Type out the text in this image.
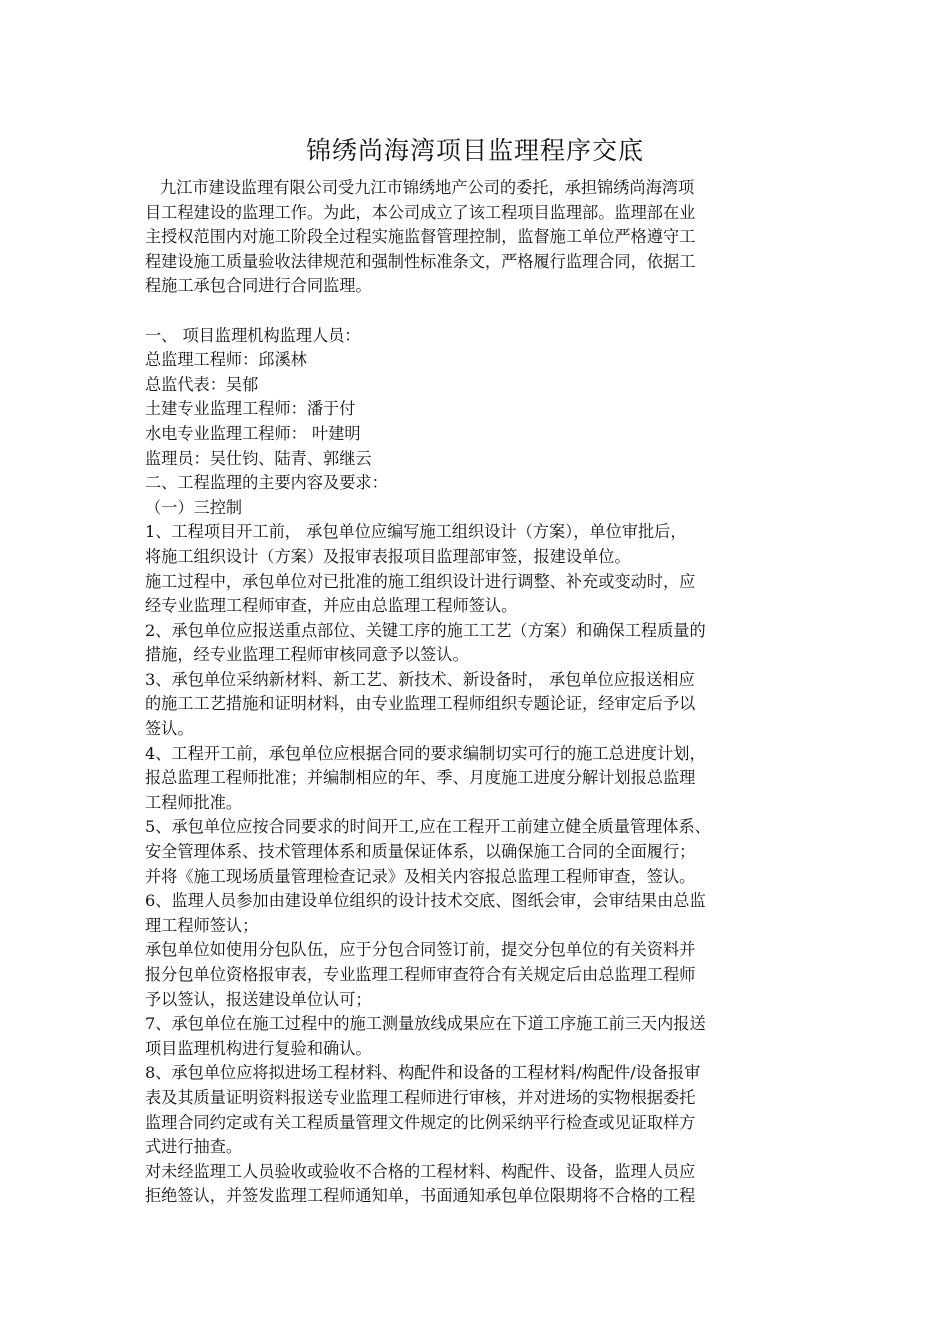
锦绣尚海湾项目监理程序交底
九江市建设监理有限公司受九江市锦绣地产公司的委托，承担锦绣尚海湾项
目工程建设的监理工作。为此，本公司成立了该工程项目监理部。监理部在业
主授权范围内对施工阶段全过程实施监督管理控制，监督施工单位严格遵守工
程建设施工质量验收法律规范和强制性标准条文，严格履行监理合同，依据工
程施工承包合同进行合同监理。
一、 项目监理机构监理人员：
总监理工程师：邱溪林
总监代表：吴郁
土建专业监理工程师：潘于付
水电专业监理工程师： 叶建明
监理员：吴仕钧、陆青、郭继云
二、工程监理的主要内容及要求：
（一）三控制
1、工程项目开工前， 承包单位应编写施工组织设计（方案），单位审批后，
将施工组织设计（方案）及报审表报项目监理部审签，报建设单位。
施工过程中，承包单位对已批准的施工组织设计进行调整、补充或变动时，应
经专业监理工程师审查，并应由总监理工程师签认。
2、承包单位应报送重点部位、关键工序的施工工艺（方案）和确保工程质量的
措施，经专业监理工程师审核同意予以签认。
3、承包单位采纳新材料、新工艺、新技术、新设备时， 承包单位应报送相应
的施工工艺措施和证明材料，由专业监理工程师组织专题论证，经审定后予以
签认。
4、工程开工前，承包单位应根据合同的要求编制切实可行的施工总进度计划，
报总监理工程师批准；并编制相应的年、季、月度施工进度分解计划报总监理
工程师批准。
5、承包单位应按合同要求的时间开工,应在工程开工前建立健全质量管理体系、
安全管理体系、技术管理体系和质量保证体系，以确保施工合同的全面履行；
并将《施工现场质量管理检查记录》及相关内容报总监理工程师审查，签认。
6、监理人员参加由建设单位组织的设计技术交底、图纸会审，会审结果由总监
理工程师签认；
承包单位如使用分包队伍，应于分包合同签订前，提交分包单位的有关资料并
报分包单位资格报审表，专业监理工程师审查符合有关规定后由总监理工程师
予以签认，报送建设单位认可；
7、承包单位在施工过程中的施工测量放线成果应在下道工序施工前三天内报送
项目监理机构进行复验和确认。
8、承包单位应将拟进场工程材料、构配件和设备的工程材料/构配件/设备报审
表及其质量证明资料报送专业监理工程师进行审核，并对进场的实物根据委托
监理合同约定或有关工程质量管理文件规定的比例采纳平行检查或见证取样方
式进行抽查。
对未经监理工人员验收或验收不合格的工程材料、构配件、设备，监理人员应
拒绝签认，并签发监理工程师通知单，书面通知承包单位限期将不合格的工程
